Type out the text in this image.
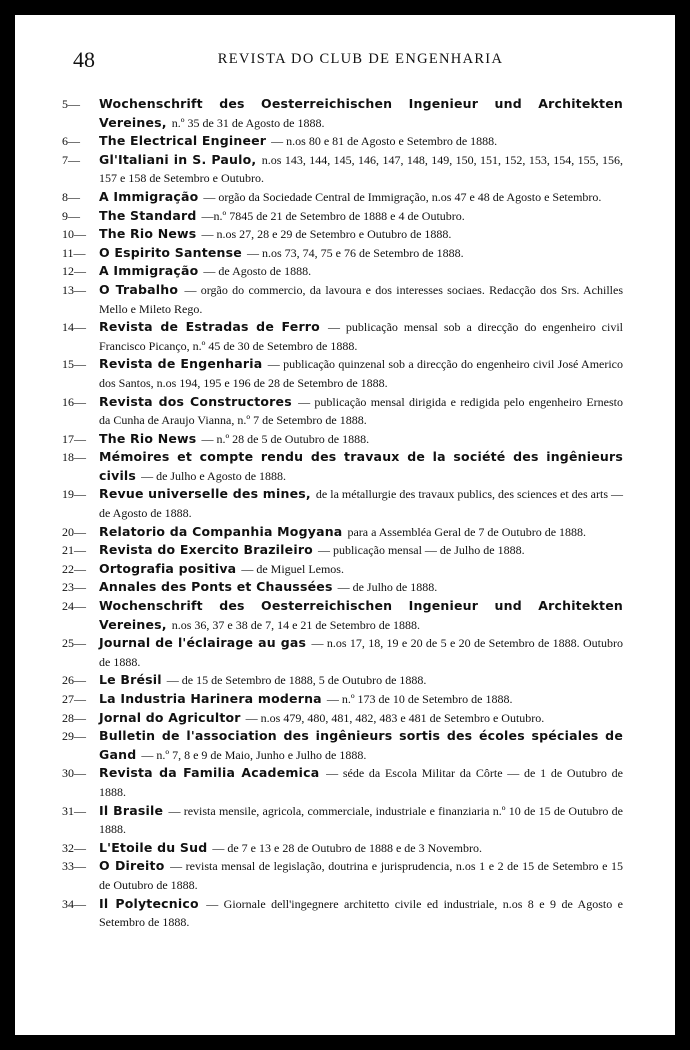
48	REVISTA DO CLUB DE ENGENHARIA
5— Wochenschrift des Oesterreichischen Ingenieur und Architekten Vereines, n.º 35 de 31 de Agosto de 1888.
6— The Electrical Engineer — n.os 80 e 81 de Agosto e Setembro de 1888.
7— Gl'Italiani in S. Paulo, n.os 143, 144, 145, 146, 147, 148, 149, 150, 151, 152, 153, 154, 155, 156, 157 e 158 de Setembro e Outubro.
8— A Immigração — orgão da Sociedade Central de Immigração, n.os 47 e 48 de Agosto e Setembro.
9— The Standard —n.º 7845 de 21 de Setembro de 1888 e 4 de Outubro.
10— The Rio News — n.os 27, 28 e 29 de Setembro e Outubro de 1888.
11— O Espirito Santense — n.os 73, 74, 75 e 76 de Setembro de 1888.
12— A Immigração — de Agosto de 1888.
13— O Trabalho — orgão do commercio, da lavoura e dos interesses sociaes. Redacção dos Srs. Achilles Mello e Mileto Rego.
14— Revista de Estradas de Ferro — publicação mensal sob a direcção do engenheiro civil Francisco Picanço, n.º 45 de 30 de Setembro de 1888.
15— Revista de Engenharia — publicação quinzenal sob a direcção do engenheiro civil José Americo dos Santos, n.os 194, 195 e 196 de 28 de Setembro de 1888.
16— Revista dos Constructores — publicação mensal dirigida e redigida pelo engenheiro Ernesto da Cunha de Araujo Vianna, n.º 7 de Setembro de 1888.
17— The Rio News — n.º 28 de 5 de Outubro de 1888.
18— Mémoires et compte rendu des travaux de la société des ingênieurs civils — de Julho e Agosto de 1888.
19— Revue universelle des mines, de la métallurgie des travaux publics, des sciences et des arts — de Agosto de 1888.
20— Relatorio da Companhia Mogyana para a Assembléa Geral de 7 de Outubro de 1888.
21— Revista do Exercito Brazileiro — publicação mensal — de Julho de 1888.
22— Ortografia positiva — de Miguel Lemos.
23— Annales des Ponts et Chaussées — de Julho de 1888.
24— Wochenschrift des Oesterreichischen Ingenieur und Architekten Vereines, n.os 36, 37 e 38 de 7, 14 e 21 de Setembro de 1888.
25— Journal de l'éclairage au gas — n.os 17, 18, 19 e 20 de 5 e 20 de Setembro de 1888. Outubro de 1888.
26— Le Brésil — de 15 de Setembro de 1888, 5 de Outubro de 1888.
27— La Industria Harinera moderna — n.º 173 de 10 de Setembro de 1888.
28— Jornal do Agricultor — n.os 479, 480, 481, 482, 483 e 481 de Setembro e Outubro.
29— Bulletin de l'association des ingênieurs sortis des écoles spéciales de Gand — n.º 7, 8 e 9 de Maio, Junho e Julho de 1888.
30— Revista da Familia Academica — séde da Escola Militar da Côrte — de 1 de Outubro de 1888.
31— Il Brasile — revista mensile, agricola, commerciale, industriale e finanziaria n.º 10 de 15 de Outubro de 1888.
32— L'Etoile du Sud — de 7 e 13 e 28 de Outubro de 1888 e de 3 Novembro.
33— O Direito — revista mensal de legislação, doutrina e jurisprudencia, n.os 1 e 2 de 15 de Setembro e 15 de Outubro de 1888.
34— Il Polytecnico — Giornale dell'ingegnere architetto civile ed industriale, n.os 8 e 9 de Agosto e Setembro de 1888.
